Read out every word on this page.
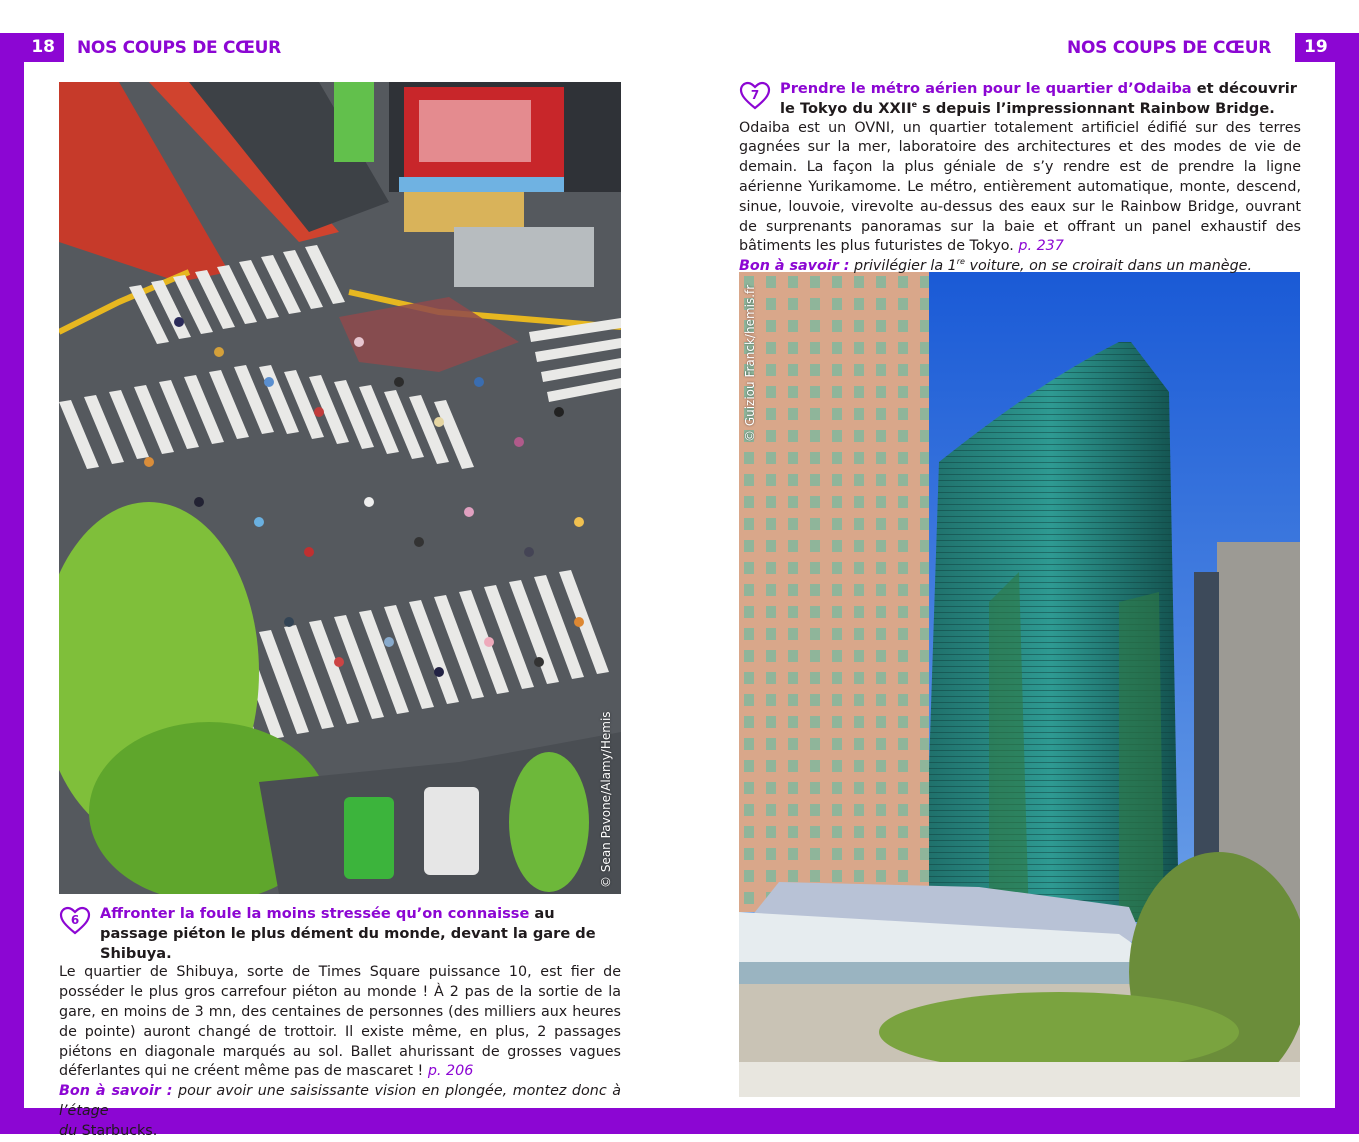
18 NOS COUPS DE CŒUR	19
NOS COUPS DE CŒUR
© Sean Pavone/Alamy/Hemis
© Guiziou Franck/hemis.fr
6 Affronter la foule la moins stressée qu’on connaisse au passage piéton le plus dément du monde, devant la gare de Shibuya.
Le quartier de Shibuya, sorte de Times Square puissance 10, est fier de posséder le plus gros carrefour piéton au monde ! À 2 pas de la sortie de la gare, en moins de 3 mn, des centaines de personnes (des milliers aux heures de pointe) auront changé de trottoir. Il existe même, en plus, 2 passages piétons en diagonale marqués au sol. Ballet ahurissant de grosses vagues déferlantes qui ne créent même pas de mascaret ! p. 206
Bon à savoir : pour avoir une saisissante vision en plongée, montez donc à l’étage
du Starbucks.
7 Prendre le métro aérien pour le quartier d’Odaiba et découvrir le Tokyo du XXIIe s depuis l’impressionnant Rainbow Bridge.
Odaiba est un OVNI, un quartier totalement artificiel édifié sur des terres gagnées sur la mer, laboratoire des architectures et des modes de vie de demain. La façon la plus géniale de s’y rendre est de prendre la ligne aérienne Yurikamome. Le métro, entièrement automatique, monte, descend, sinue, louvoie, virevolte au-dessus des eaux sur le Rainbow Bridge, ouvrant de surprenants panoramas sur la baie et offrant un panel exhaustif des bâtiments les plus futuristes de Tokyo. p. 237
Bon à savoir : privilégier la 1re voiture, on se croirait dans un manège.
